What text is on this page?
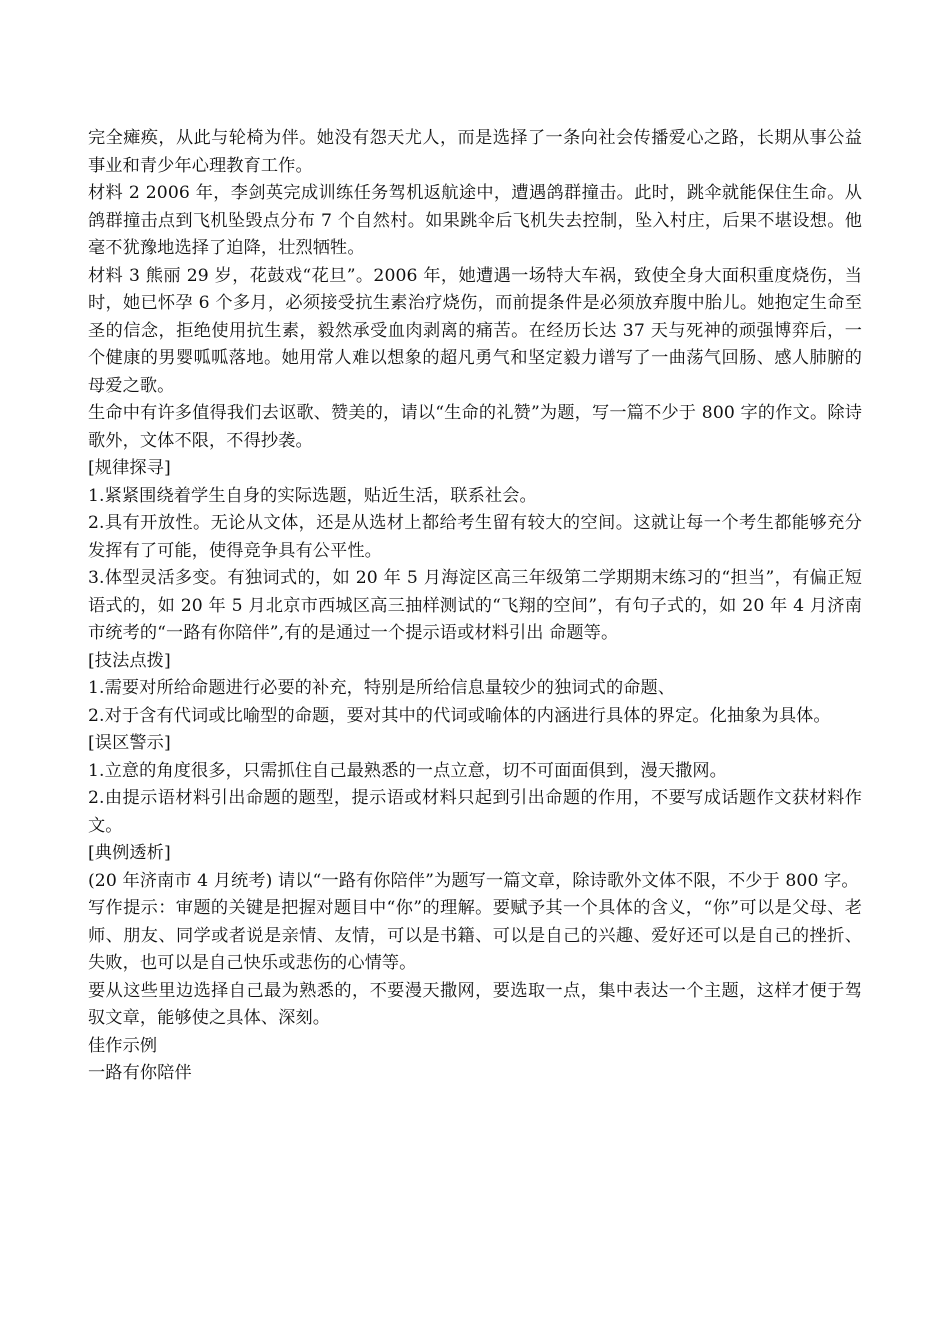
完全瘫痪，从此与轮椅为伴。她没有怨天尤人，而是选择了一条向社会传播爱心之路，长期从事公益事业和青少年心理教育工作。

材料 2 2006 年，李剑英完成训练任务驾机返航途中，遭遇鸽群撞击。此时，跳伞就能保住生命。从鸽群撞击点到飞机坠毁点分布 7 个自然村。如果跳伞后飞机失去控制，坠入村庄，后果不堪设想。他毫不犹豫地选择了迫降，壮烈牺牲。

材料 3 熊丽 29 岁，花鼓戏“花旦”。2006 年，她遭遇一场特大车祸，致使全身大面积重度烧伤，当时，她已怀孕 6 个多月，必须接受抗生素治疗烧伤，而前提条件是必须放弃腹中胎儿。她抱定生命至圣的信念，拒绝使用抗生素，毅然承受血肉剥离的痛苦。在经历长达 37 天与死神的顽强博弈后，一个健康的男婴呱呱落地。她用常人难以想象的超凡勇气和坚定毅力谱写了一曲荡气回肠、感人肺腑的母爱之歌。

生命中有许多值得我们去讴歌、赞美的，请以“生命的礼赞”为题，写一篇不少于 800 字的作文。除诗歌外，文体不限，不得抄袭。

[规律探寻]

1.紧紧围绕着学生自身的实际选题，贴近生活，联系社会。

2.具有开放性。无论从文体，还是从选材上都给考生留有较大的空间。这就让每一个考生都能够充分发挥有了可能，使得竞争具有公平性。

3.体型灵活多变。有独词式的，如 20 年 5 月海淀区高三年级第二学期期末练习的“担当”，有偏正短语式的，如 20 年 5 月北京市西城区高三抽样测试的“飞翔的空间”，有句子式的，如 20 年 4 月济南市统考的“一路有你陪伴”,有的是通过一个提示语或材料引出 命题等。

[技法点拨]

1.需要对所给命题进行必要的补充，特别是所给信息量较少的独词式的命题、

2.对于含有代词或比喻型的命题，要对其中的代词或喻体的内涵进行具体的界定。化抽象为具体。

[误区警示]

1.立意的角度很多，只需抓住自己最熟悉的一点立意，切不可面面俱到，漫天撒网。

2.由提示语材料引出命题的题型，提示语或材料只起到引出命题的作用，不要写成话题作文获材料作文。

[典例透析]

(20 年济南市 4 月统考) 请以“一路有你陪伴”为题写一篇文章，除诗歌外文体不限，不少于 800 字。

写作提示：审题的关键是把握对题目中“你”的理解。要赋予其一个具体的含义，“你”可以是父母、老师、朋友、同学或者说是亲情、友情，可以是书籍、可以是自己的兴趣、爱好还可以是自己的挫折、失败，也可以是自己快乐或悲伤的心情等。

要从这些里边选择自己最为熟悉的，不要漫天撒网，要选取一点，集中表达一个主题，这样才便于驾驭文章，能够使之具体、深刻。

佳作示例

一路有你陪伴
